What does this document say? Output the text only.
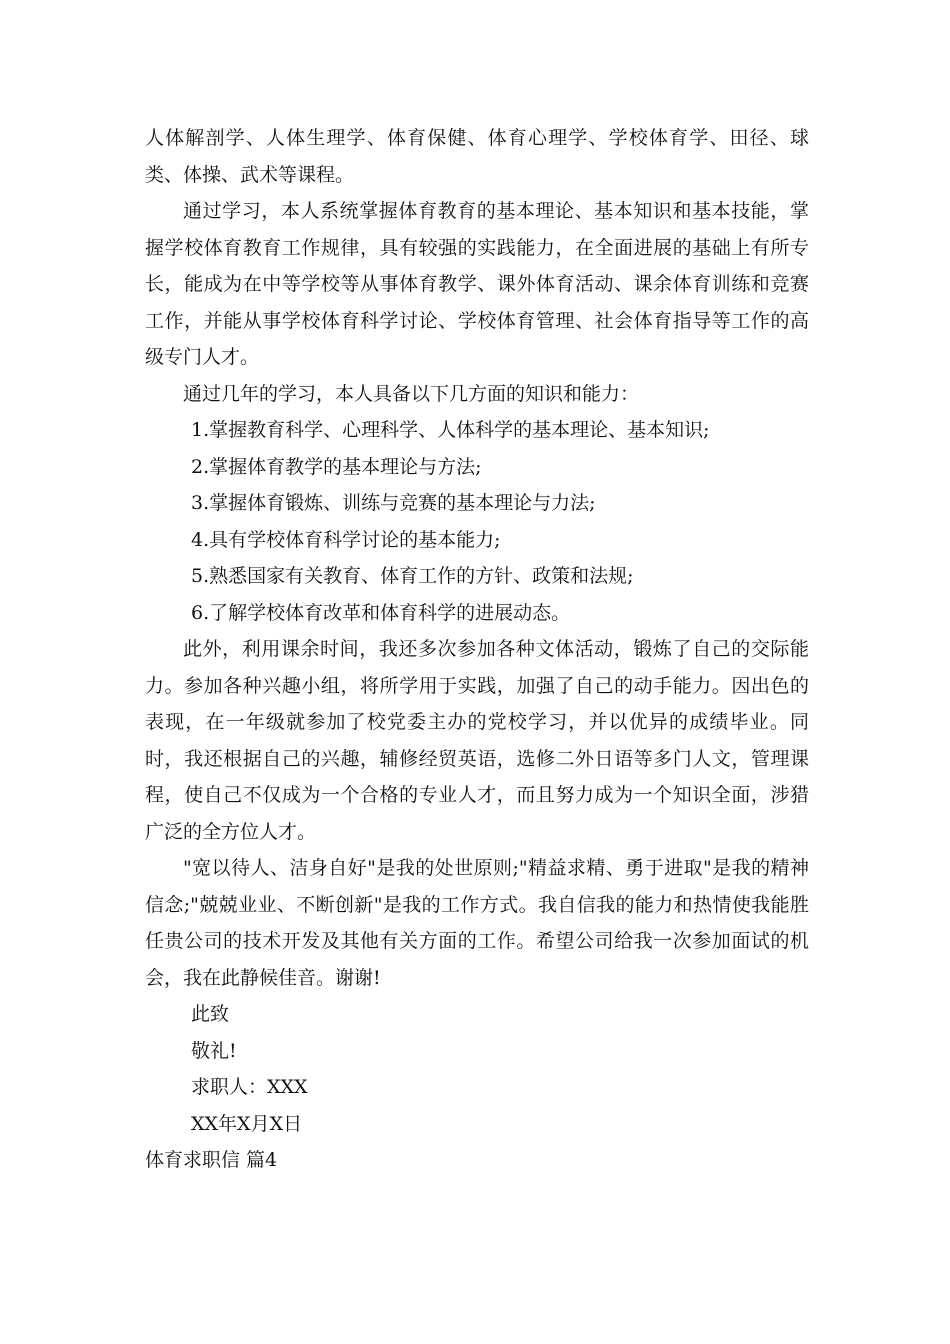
人体解剖学、人体生理学、体育保健、体育心理学、学校体育学、田径、球类、体操、武术等课程。

通过学习，本人系统掌握体育教育的基本理论、基本知识和基本技能，掌握学校体育教育工作规律，具有较强的实践能力，在全面进展的基础上有所专长，能成为在中等学校等从事体育教学、课外体育活动、课余体育训练和竞赛工作，并能从事学校体育科学讨论、学校体育管理、社会体育指导等工作的高级专门人才。

通过几年的学习，本人具备以下几方面的知识和能力：

1.掌握教育科学、心理科学、人体科学的基本理论、基本知识;

2.掌握体育教学的基本理论与方法;

3.掌握体育锻炼、训练与竞赛的基本理论与力法;

4.具有学校体育科学讨论的基本能力;

5.熟悉国家有关教育、体育工作的方针、政策和法规;

6.了解学校体育改革和体育科学的进展动态。

此外，利用课余时间，我还多次参加各种文体活动，锻炼了自己的交际能力。参加各种兴趣小组，将所学用于实践，加强了自己的动手能力。因出色的表现，在一年级就参加了校党委主办的党校学习，并以优异的成绩毕业。同时，我还根据自己的兴趣，辅修经贸英语，选修二外日语等多门人文，管理课程，使自己不仅成为一个合格的专业人才，而且努力成为一个知识全面，涉猎广泛的全方位人才。

"宽以待人、洁身自好"是我的处世原则;"精益求精、勇于进取"是我的精神信念;"兢兢业业、不断创新"是我的工作方式。我自信我的能力和热情使我能胜任贵公司的技术开发及其他有关方面的工作。希望公司给我一次参加面试的机会，我在此静候佳音。谢谢!

此致

敬礼!

求职人：XXX

XX年X月X日

体育求职信 篇4
